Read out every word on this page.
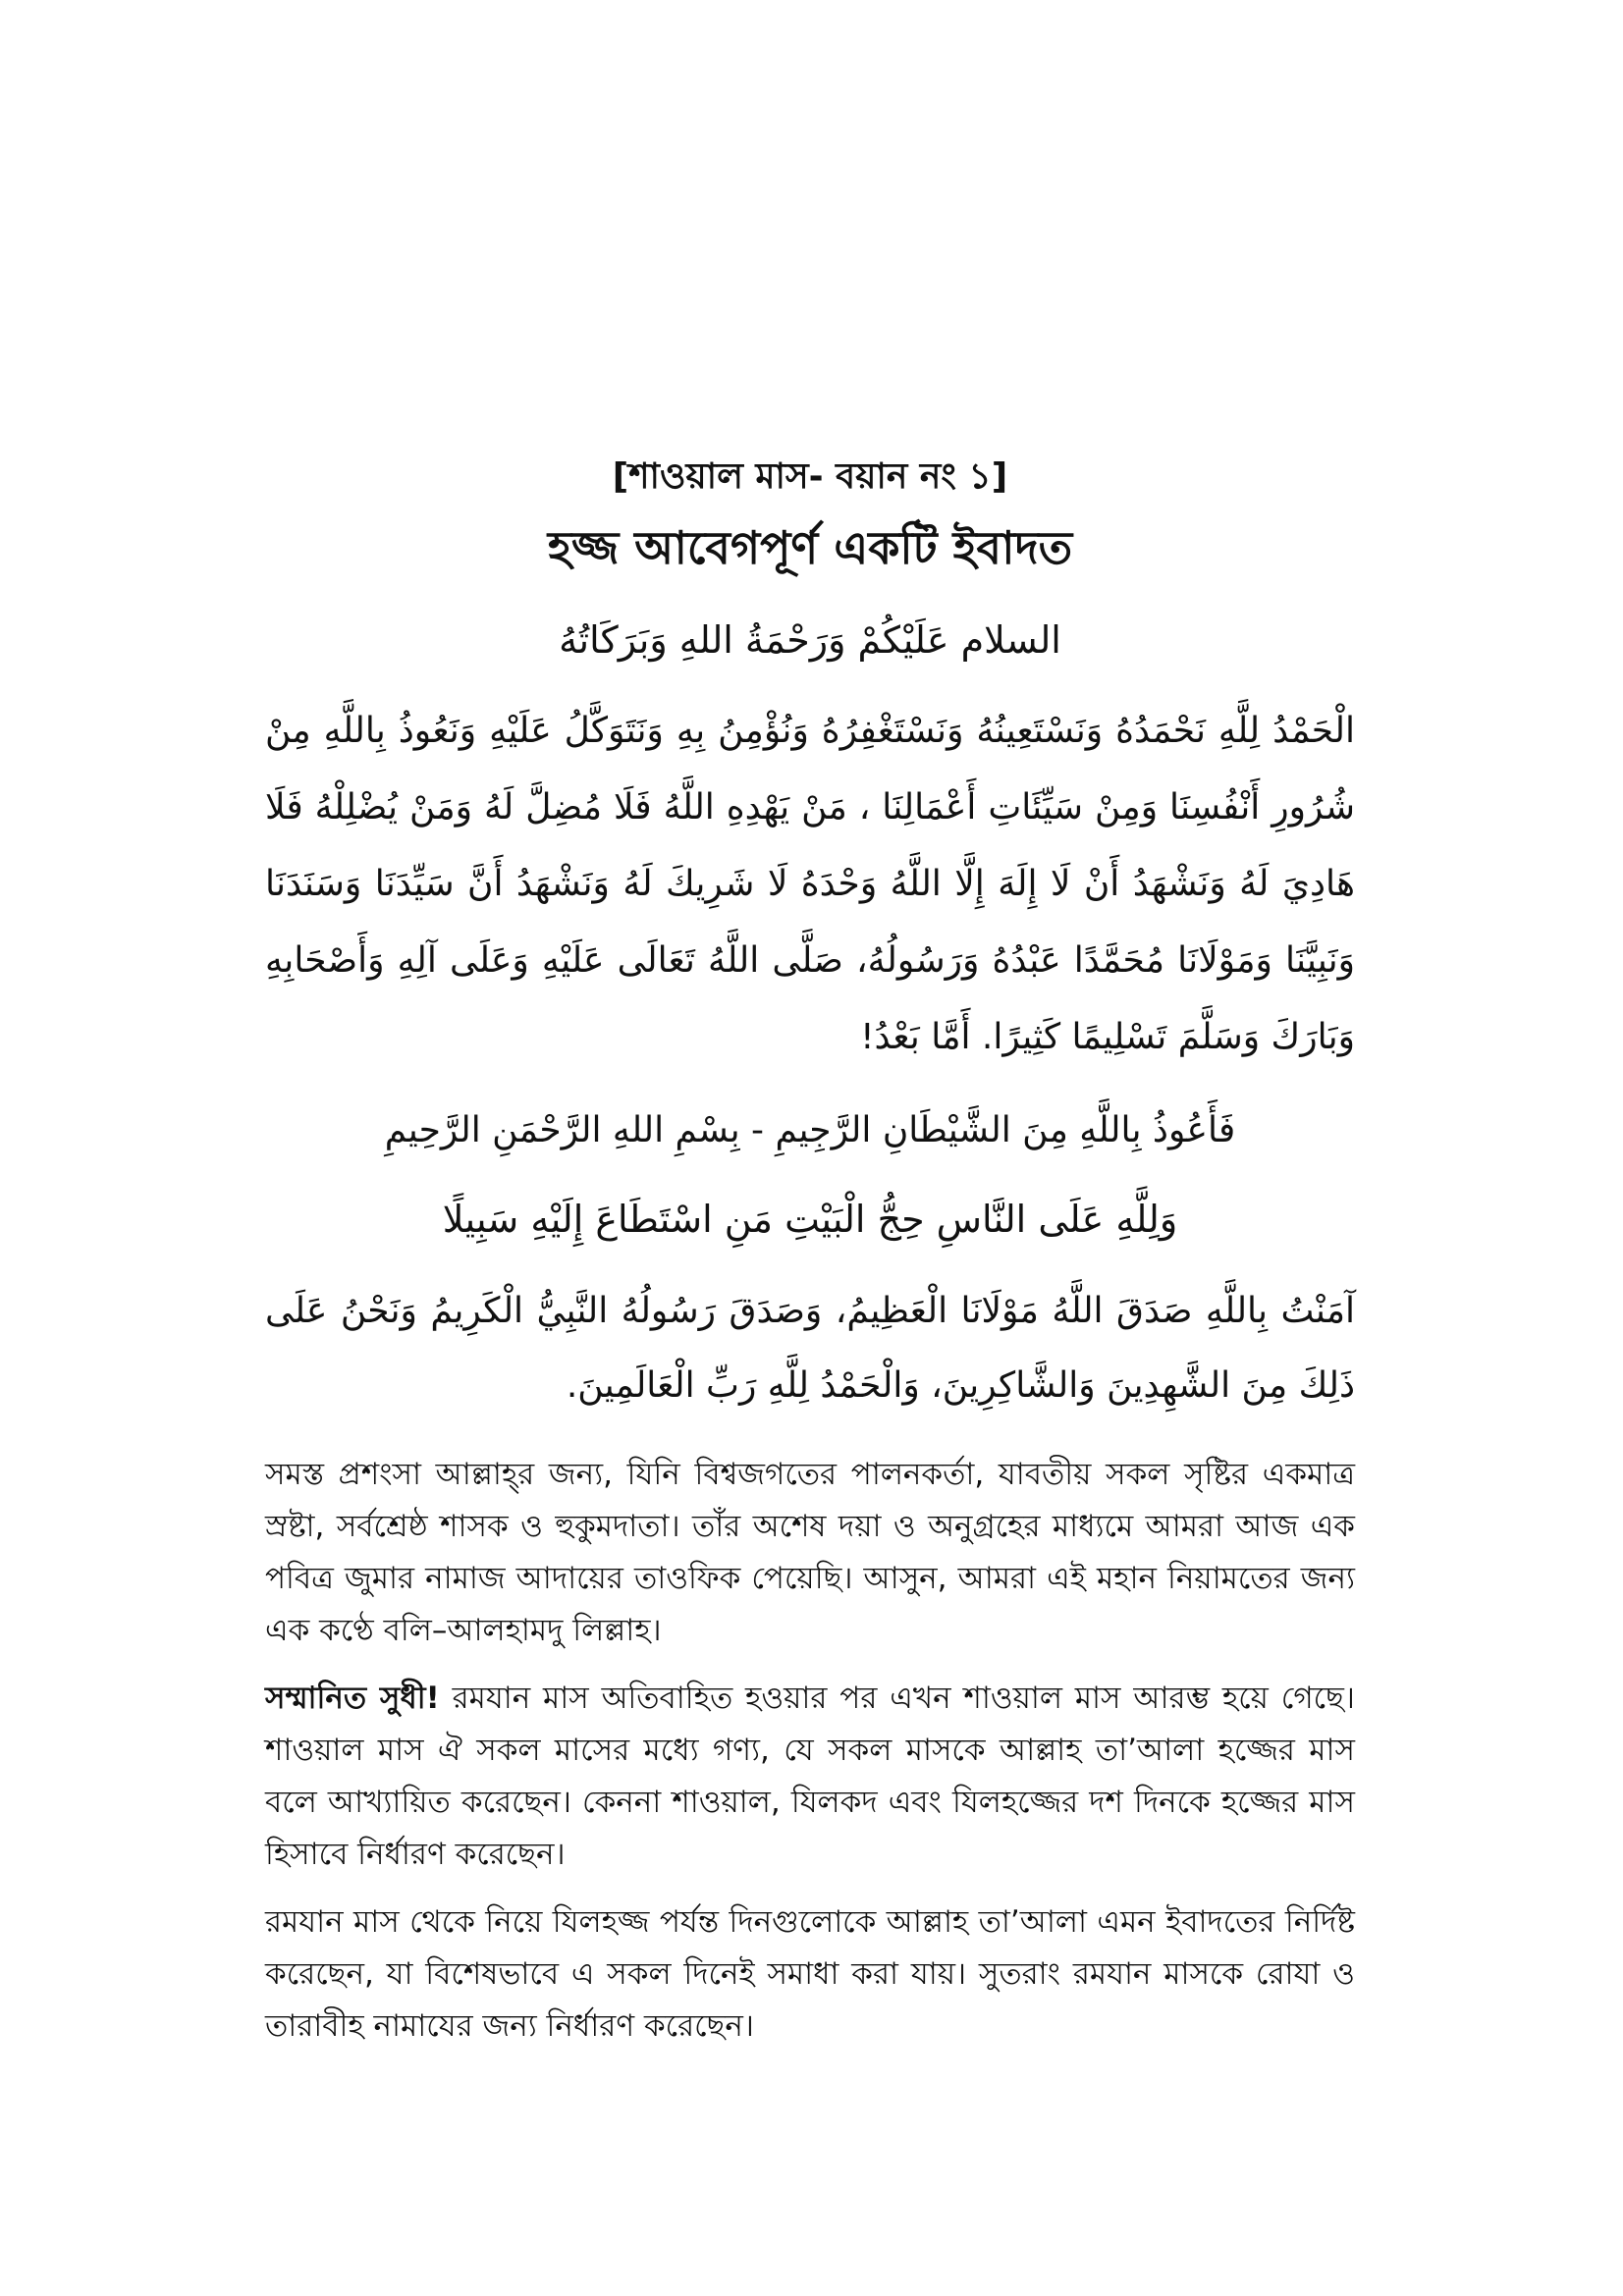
[শাওয়াল মাস- বয়ান নং ১]
হজ্জ আবেগপূর্ণ একটি ইবাদত
السلام عَلَيْكُمْ وَرَحْمَةُ اللهِ وَبَرَكَاتُهُ
الْحَمْدُ لِلَّهِ نَحْمَدُهُ وَنَسْتَعِينُهُ وَنَسْتَغْفِرُهُ وَنُؤْمِنُ بِهِ وَنَتَوَكَّلُ عَلَيْهِ وَنَعُوذُ بِاللَّهِ مِنْ شُرُورِ أَنْفُسِنَا وَمِنْ سَيِّئَاتِ أَعْمَالِنَا ، مَنْ يَهْدِهِ اللَّهُ فَلَا مُضِلَّ لَهُ وَمَنْ يُضْلِلْهُ فَلَا هَادِيَ لَهُ وَنَشْهَدُ أَنْ لَا إِلَهَ إِلَّا اللَّهُ وَحْدَهُ لَا شَرِيكَ لَهُ وَنَشْهَدُ أَنَّ سَيِّدَنَا وَسَنَدَنَا وَنَبِيَّنَا وَمَوْلَانَا مُحَمَّدًا عَبْدُهُ وَرَسُولُهُ، صَلَّى اللَّهُ تَعَالَى عَلَيْهِ وَعَلَى آلِهِ وَأَصْحَابِهِ وَبَارَكَ وَسَلَّمَ تَسْلِيمًا كَثِيرًا. أَمَّا بَعْدُ!
فَأَعُوذُ بِاللَّهِ مِنَ الشَّيْطَانِ الرَّجِيمِ - بِسْمِ اللهِ الرَّحْمَنِ الرَّحِيمِ
وَلِلَّهِ عَلَى النَّاسِ حِجُّ الْبَيْتِ مَنِ اسْتَطَاعَ إِلَيْهِ سَبِيلًا
آمَنْتُ بِاللَّهِ صَدَقَ اللَّهُ مَوْلَانَا الْعَظِيمُ، وَصَدَقَ رَسُولُهُ النَّبِيُّ الْكَرِيمُ وَنَحْنُ عَلَى ذَلِكَ مِنَ الشَّهِدِينَ وَالشَّاكِرِينَ، وَالْحَمْدُ لِلَّهِ رَبِّ الْعَالَمِينَ.

সমস্ত প্রশংসা আল্লাহ্‌র জন্য, যিনি বিশ্বজগতের পালনকর্তা, যাবতীয় সকল সৃষ্টির একমাত্র স্রষ্টা, সর্বশ্রেষ্ঠ শাসক ও হুকুমদাতা। তাঁর অশেষ দয়া ও অনুগ্রহের মাধ্যমে আমরা আজ এক পবিত্র জুমার নামাজ আদায়ের তাওফিক পেয়েছি। আসুন, আমরা এই মহান নিয়ামতের জন্য এক কণ্ঠে বলি–আলহামদু লিল্লাহ।

সম্মানিত সুধী! রমযান মাস অতিবাহিত হওয়ার পর এখন শাওয়াল মাস আরম্ভ হয়ে গেছে। শাওয়াল মাস ঐ সকল মাসের মধ্যে গণ্য, যে সকল মাসকে আল্লাহ তা’আলা হজ্জের মাস বলে আখ্যায়িত করেছেন। কেননা শাওয়াল, যিলকদ এবং যিলহজ্জের দশ দিনকে হজ্জের মাস হিসাবে নির্ধারণ করেছেন।

রমযান মাস থেকে নিয়ে যিলহজ্জ পর্যন্ত দিনগুলোকে আল্লাহ তা’আলা এমন ইবাদতের নির্দিষ্ট করেছেন, যা বিশেষভাবে এ সকল দিনেই সমাধা করা যায়। সুতরাং রমযান মাসকে রোযা ও তারাবীহ নামাযের জন্য নির্ধারণ করেছেন।
